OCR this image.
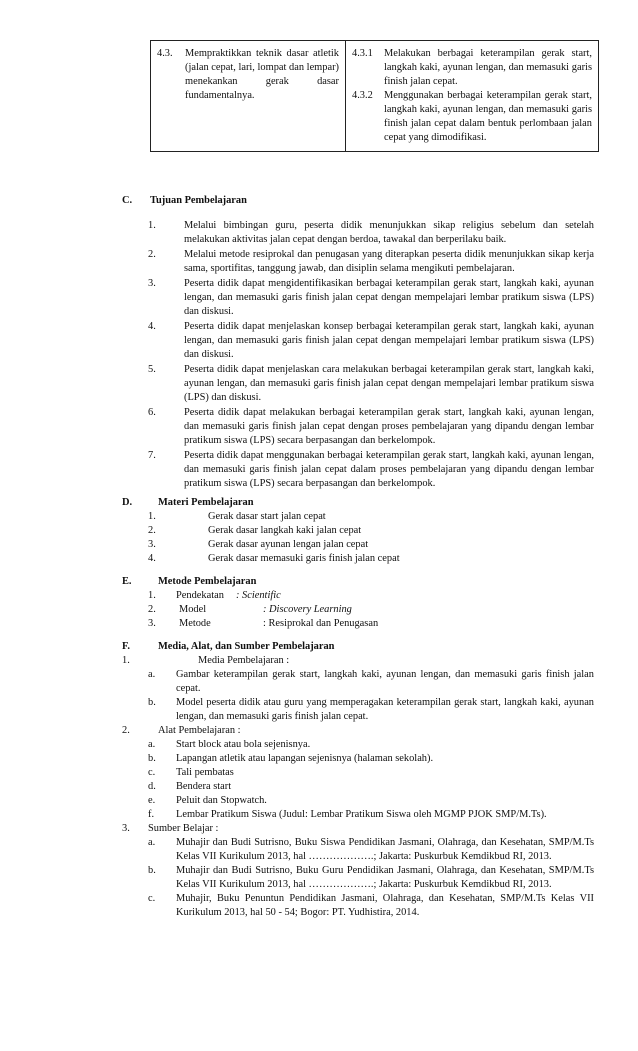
4.3. Mempraktikkan teknik dasar atletik (jalan cepat, lari, lompat dan lempar) menekankan gerak dasar fundamentalnya.

4.3.1 Melakukan berbagai keterampilan gerak start, langkah kaki, ayunan lengan, dan memasuki garis finish jalan cepat.
4.3.2 Menggunakan berbagai keterampilan gerak start, langkah kaki, ayunan lengan, dan memasuki garis finish jalan cepat dalam bentuk perlombaan jalan cepat yang dimodifikasi.
C. Tujuan Pembelajaran
1.	Melalui bimbingan guru, peserta didik menunjukkan sikap religius sebelum dan setelah melakukan aktivitas jalan cepat dengan berdoa, tawakal dan berperilaku baik.
2.	Melalui metode resiprokal dan penugasan yang diterapkan peserta didik menunjukkan sikap kerja sama, sportifitas, tanggung jawab, dan disiplin selama mengikuti pembelajaran.
3.	Peserta didik dapat mengidentifikasikan berbagai keterampilan gerak start, langkah kaki, ayunan lengan, dan memasuki garis finish jalan cepat dengan mempelajari lembar pratikum siswa (LPS) dan diskusi.
4.	Peserta didik dapat menjelaskan konsep berbagai keterampilan gerak start, langkah kaki, ayunan lengan, dan memasuki garis finish jalan cepat dengan mempelajari lembar pratikum siswa (LPS) dan diskusi.
5.	Peserta didik dapat menjelaskan cara melakukan berbagai keterampilan gerak start, langkah kaki, ayunan lengan, dan memasuki garis finish jalan cepat dengan mempelajari lembar pratikum siswa (LPS) dan diskusi.
6.	Peserta didik dapat melakukan berbagai keterampilan gerak start, langkah kaki, ayunan lengan, dan memasuki garis finish jalan cepat dengan proses pembelajaran yang dipandu dengan lembar pratikum siswa (LPS) secara berpasangan dan berkelompok.
7.	Peserta didik dapat menggunakan berbagai keterampilan gerak start, langkah kaki, ayunan lengan, dan memasuki garis finish jalan cepat dalam proses pembelajaran yang dipandu dengan lembar pratikum siswa (LPS) secara berpasangan dan berkelompok.
D. Materi Pembelajaran
1.	Gerak dasar start jalan cepat
2.	Gerak dasar langkah kaki jalan cepat
3.	Gerak dasar ayunan lengan jalan cepat
4.	Gerak dasar memasuki garis finish jalan cepat
E.	Metode Pembelajaran
1. Pendekatan : Scientific
2. Model	: Discovery Learning
3. Metode	: Resiprokal dan Penugasan
F.	Media, Alat, dan Sumber Pembelajaran
1.	Media Pembelajaran :
a. Gambar keterampilan gerak start, langkah kaki, ayunan lengan, dan memasuki garis finish jalan cepat.
b. Model peserta didik atau guru yang memperagakan keterampilan gerak start, langkah kaki, ayunan lengan, dan memasuki garis finish jalan cepat.
2.	Alat Pembelajaran :
a. Start block atau bola sejenisnya.
b. Lapangan atletik atau lapangan sejenisnya (halaman sekolah).
c. Tali pembatas
d. Bendera start
e. Peluit dan Stopwatch.
f. Lembar Pratikum Siswa (Judul: Lembar Pratikum Siswa oleh MGMP PJOK SMP/M.Ts).
3. Sumber Belajar :
a. Muhajir dan Budi Sutrisno, Buku Siswa Pendidikan Jasmani, Olahraga, dan Kesehatan, SMP/M.Ts Kelas VII Kurikulum 2013, hal ……………….; Jakarta: Puskurbuk Kemdikbud RI, 2013.
b. Muhajir dan Budi Sutrisno, Buku Guru Pendidikan Jasmani, Olahraga, dan Kesehatan, SMP/M.Ts Kelas VII Kurikulum 2013, hal ……………….; Jakarta: Puskurbuk Kemdikbud RI, 2013.
c. Muhajir, Buku Penuntun Pendidikan Jasmani, Olahraga, dan Kesehatan, SMP/M.Ts Kelas VII Kurikulum 2013, hal 50 - 54; Bogor: PT. Yudhistira, 2014.
